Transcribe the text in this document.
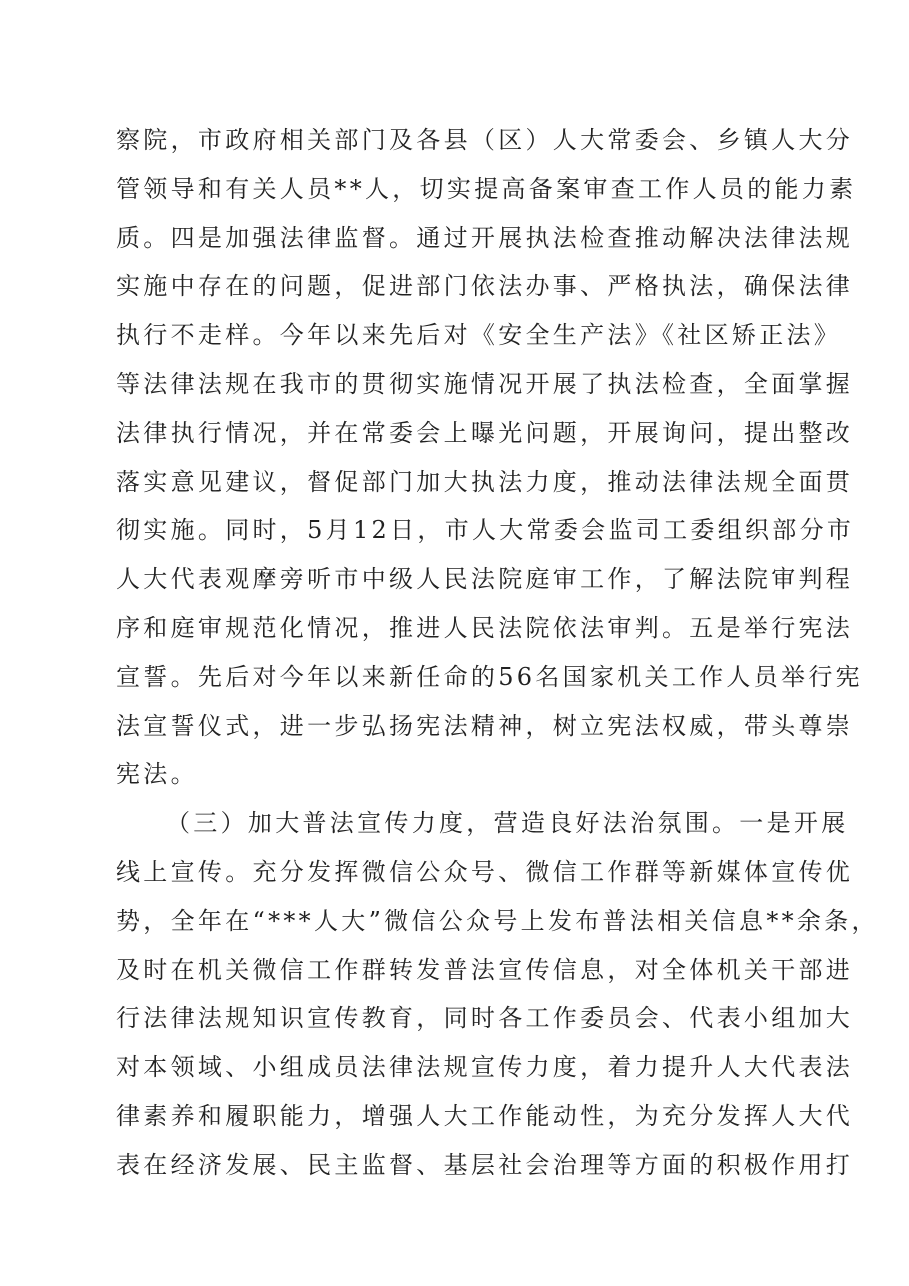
察院，市政府相关部门及各县（区）人大常委会、乡镇人大分
管领导和有关人员**人，切实提高备案审查工作人员的能力素
质。四是加强法律监督。通过开展执法检查推动解决法律法规
实施中存在的问题，促进部门依法办事、严格执法，确保法律
执行不走样。今年以来先后对《安全生产法》《社区矫正法》
等法律法规在我市的贯彻实施情况开展了执法检查，全面掌握
法律执行情况，并在常委会上曝光问题，开展询问，提出整改
落实意见建议，督促部门加大执法力度，推动法律法规全面贯
彻实施。同时，5月12日，市人大常委会监司工委组织部分市
人大代表观摩旁听市中级人民法院庭审工作，了解法院审判程
序和庭审规范化情况，推进人民法院依法审判。五是举行宪法
宣誓。先后对今年以来新任命的56名国家机关工作人员举行宪
法宣誓仪式，进一步弘扬宪法精神，树立宪法权威，带头尊崇
宪法。
（三）加大普法宣传力度，营造良好法治氛围。一是开展
线上宣传。充分发挥微信公众号、微信工作群等新媒体宣传优
势，全年在“***人大”微信公众号上发布普法相关信息**余条，
及时在机关微信工作群转发普法宣传信息，对全体机关干部进
行法律法规知识宣传教育，同时各工作委员会、代表小组加大
对本领域、小组成员法律法规宣传力度，着力提升人大代表法
律素养和履职能力，增强人大工作能动性，为充分发挥人大代
表在经济发展、民主监督、基层社会治理等方面的积极作用打
